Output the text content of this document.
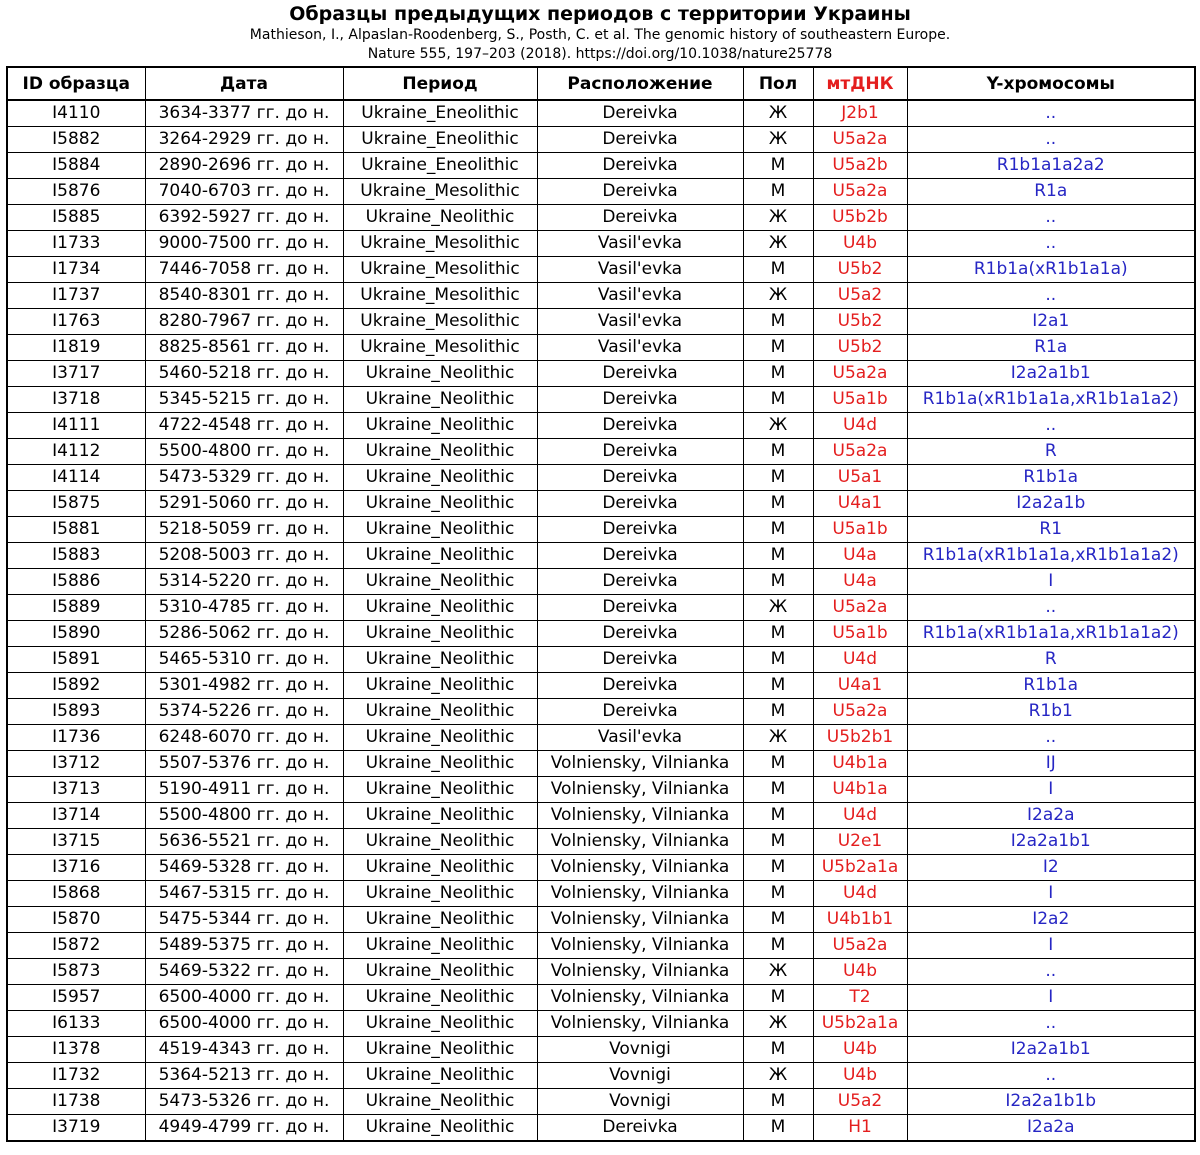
Образцы предыдущих периодов с территории Украины
Mathieson, I., Alpaslan-Roodenberg, S., Posth, C. et al. The genomic history of southeastern Europe.
Nature 555, 197–203 (2018). https://doi.org/10.1038/nature25778
ID образца	Дата	Период	Расположение	Пол	мтДНК	Y-хромосомы
I4110	3634-3377 гг. до н.	Ukraine_Eneolithic	Dereivka	Ж	J2b1	..
I5882	3264-2929 гг. до н.	Ukraine_Eneolithic	Dereivka	Ж	U5a2a	..
I5884	2890-2696 гг. до н.	Ukraine_Eneolithic	Dereivka	М	U5a2b	R1b1a1a2a2
I5876	7040-6703 гг. до н.	Ukraine_Mesolithic	Dereivka	М	U5a2a	R1a
I5885	6392-5927 гг. до н.	Ukraine_Neolithic	Dereivka	Ж	U5b2b	..
I1733	9000-7500 гг. до н.	Ukraine_Mesolithic	Vasil'evka	Ж	U4b	..
I1734	7446-7058 гг. до н.	Ukraine_Mesolithic	Vasil'evka	М	U5b2	R1b1a(xR1b1a1a)
I1737	8540-8301 гг. до н.	Ukraine_Mesolithic	Vasil'evka	Ж	U5a2	..
I1763	8280-7967 гг. до н.	Ukraine_Mesolithic	Vasil'evka	М	U5b2	I2a1
I1819	8825-8561 гг. до н.	Ukraine_Mesolithic	Vasil'evka	М	U5b2	R1a
I3717	5460-5218 гг. до н.	Ukraine_Neolithic	Dereivka	М	U5a2a	I2a2a1b1
I3718	5345-5215 гг. до н.	Ukraine_Neolithic	Dereivka	М	U5a1b	R1b1a(xR1b1a1a,xR1b1a1a2)
I4111	4722-4548 гг. до н.	Ukraine_Neolithic	Dereivka	Ж	U4d	..
I4112	5500-4800 гг. до н.	Ukraine_Neolithic	Dereivka	М	U5a2a	R
I4114	5473-5329 гг. до н.	Ukraine_Neolithic	Dereivka	М	U5a1	R1b1a
I5875	5291-5060 гг. до н.	Ukraine_Neolithic	Dereivka	М	U4a1	I2a2a1b
I5881	5218-5059 гг. до н.	Ukraine_Neolithic	Dereivka	М	U5a1b	R1
I5883	5208-5003 гг. до н.	Ukraine_Neolithic	Dereivka	М	U4a	R1b1a(xR1b1a1a,xR1b1a1a2)
I5886	5314-5220 гг. до н.	Ukraine_Neolithic	Dereivka	М	U4a	I
I5889	5310-4785 гг. до н.	Ukraine_Neolithic	Dereivka	Ж	U5a2a	..
I5890	5286-5062 гг. до н.	Ukraine_Neolithic	Dereivka	М	U5a1b	R1b1a(xR1b1a1a,xR1b1a1a2)
I5891	5465-5310 гг. до н.	Ukraine_Neolithic	Dereivka	М	U4d	R
I5892	5301-4982 гг. до н.	Ukraine_Neolithic	Dereivka	М	U4a1	R1b1a
I5893	5374-5226 гг. до н.	Ukraine_Neolithic	Dereivka	М	U5a2a	R1b1
I1736	6248-6070 гг. до н.	Ukraine_Neolithic	Vasil'evka	Ж	U5b2b1	..
I3712	5507-5376 гг. до н.	Ukraine_Neolithic	Volniensky, Vilnianka	М	U4b1a	IJ
I3713	5190-4911 гг. до н.	Ukraine_Neolithic	Volniensky, Vilnianka	М	U4b1a	I
I3714	5500-4800 гг. до н.	Ukraine_Neolithic	Volniensky, Vilnianka	М	U4d	I2a2a
I3715	5636-5521 гг. до н.	Ukraine_Neolithic	Volniensky, Vilnianka	М	U2e1	I2a2a1b1
I3716	5469-5328 гг. до н.	Ukraine_Neolithic	Volniensky, Vilnianka	М	U5b2a1a	I2
I5868	5467-5315 гг. до н.	Ukraine_Neolithic	Volniensky, Vilnianka	М	U4d	I
I5870	5475-5344 гг. до н.	Ukraine_Neolithic	Volniensky, Vilnianka	М	U4b1b1	I2a2
I5872	5489-5375 гг. до н.	Ukraine_Neolithic	Volniensky, Vilnianka	М	U5a2a	I
I5873	5469-5322 гг. до н.	Ukraine_Neolithic	Volniensky, Vilnianka	Ж	U4b	..
I5957	6500-4000 гг. до н.	Ukraine_Neolithic	Volniensky, Vilnianka	М	T2	I
I6133	6500-4000 гг. до н.	Ukraine_Neolithic	Volniensky, Vilnianka	Ж	U5b2a1a	..
I1378	4519-4343 гг. до н.	Ukraine_Neolithic	Vovnigi	М	U4b	I2a2a1b1
I1732	5364-5213 гг. до н.	Ukraine_Neolithic	Vovnigi	Ж	U4b	..
I1738	5473-5326 гг. до н.	Ukraine_Neolithic	Vovnigi	М	U5a2	I2a2a1b1b
I3719	4949-4799 гг. до н.	Ukraine_Neolithic	Dereivka	М	H1	I2a2a
